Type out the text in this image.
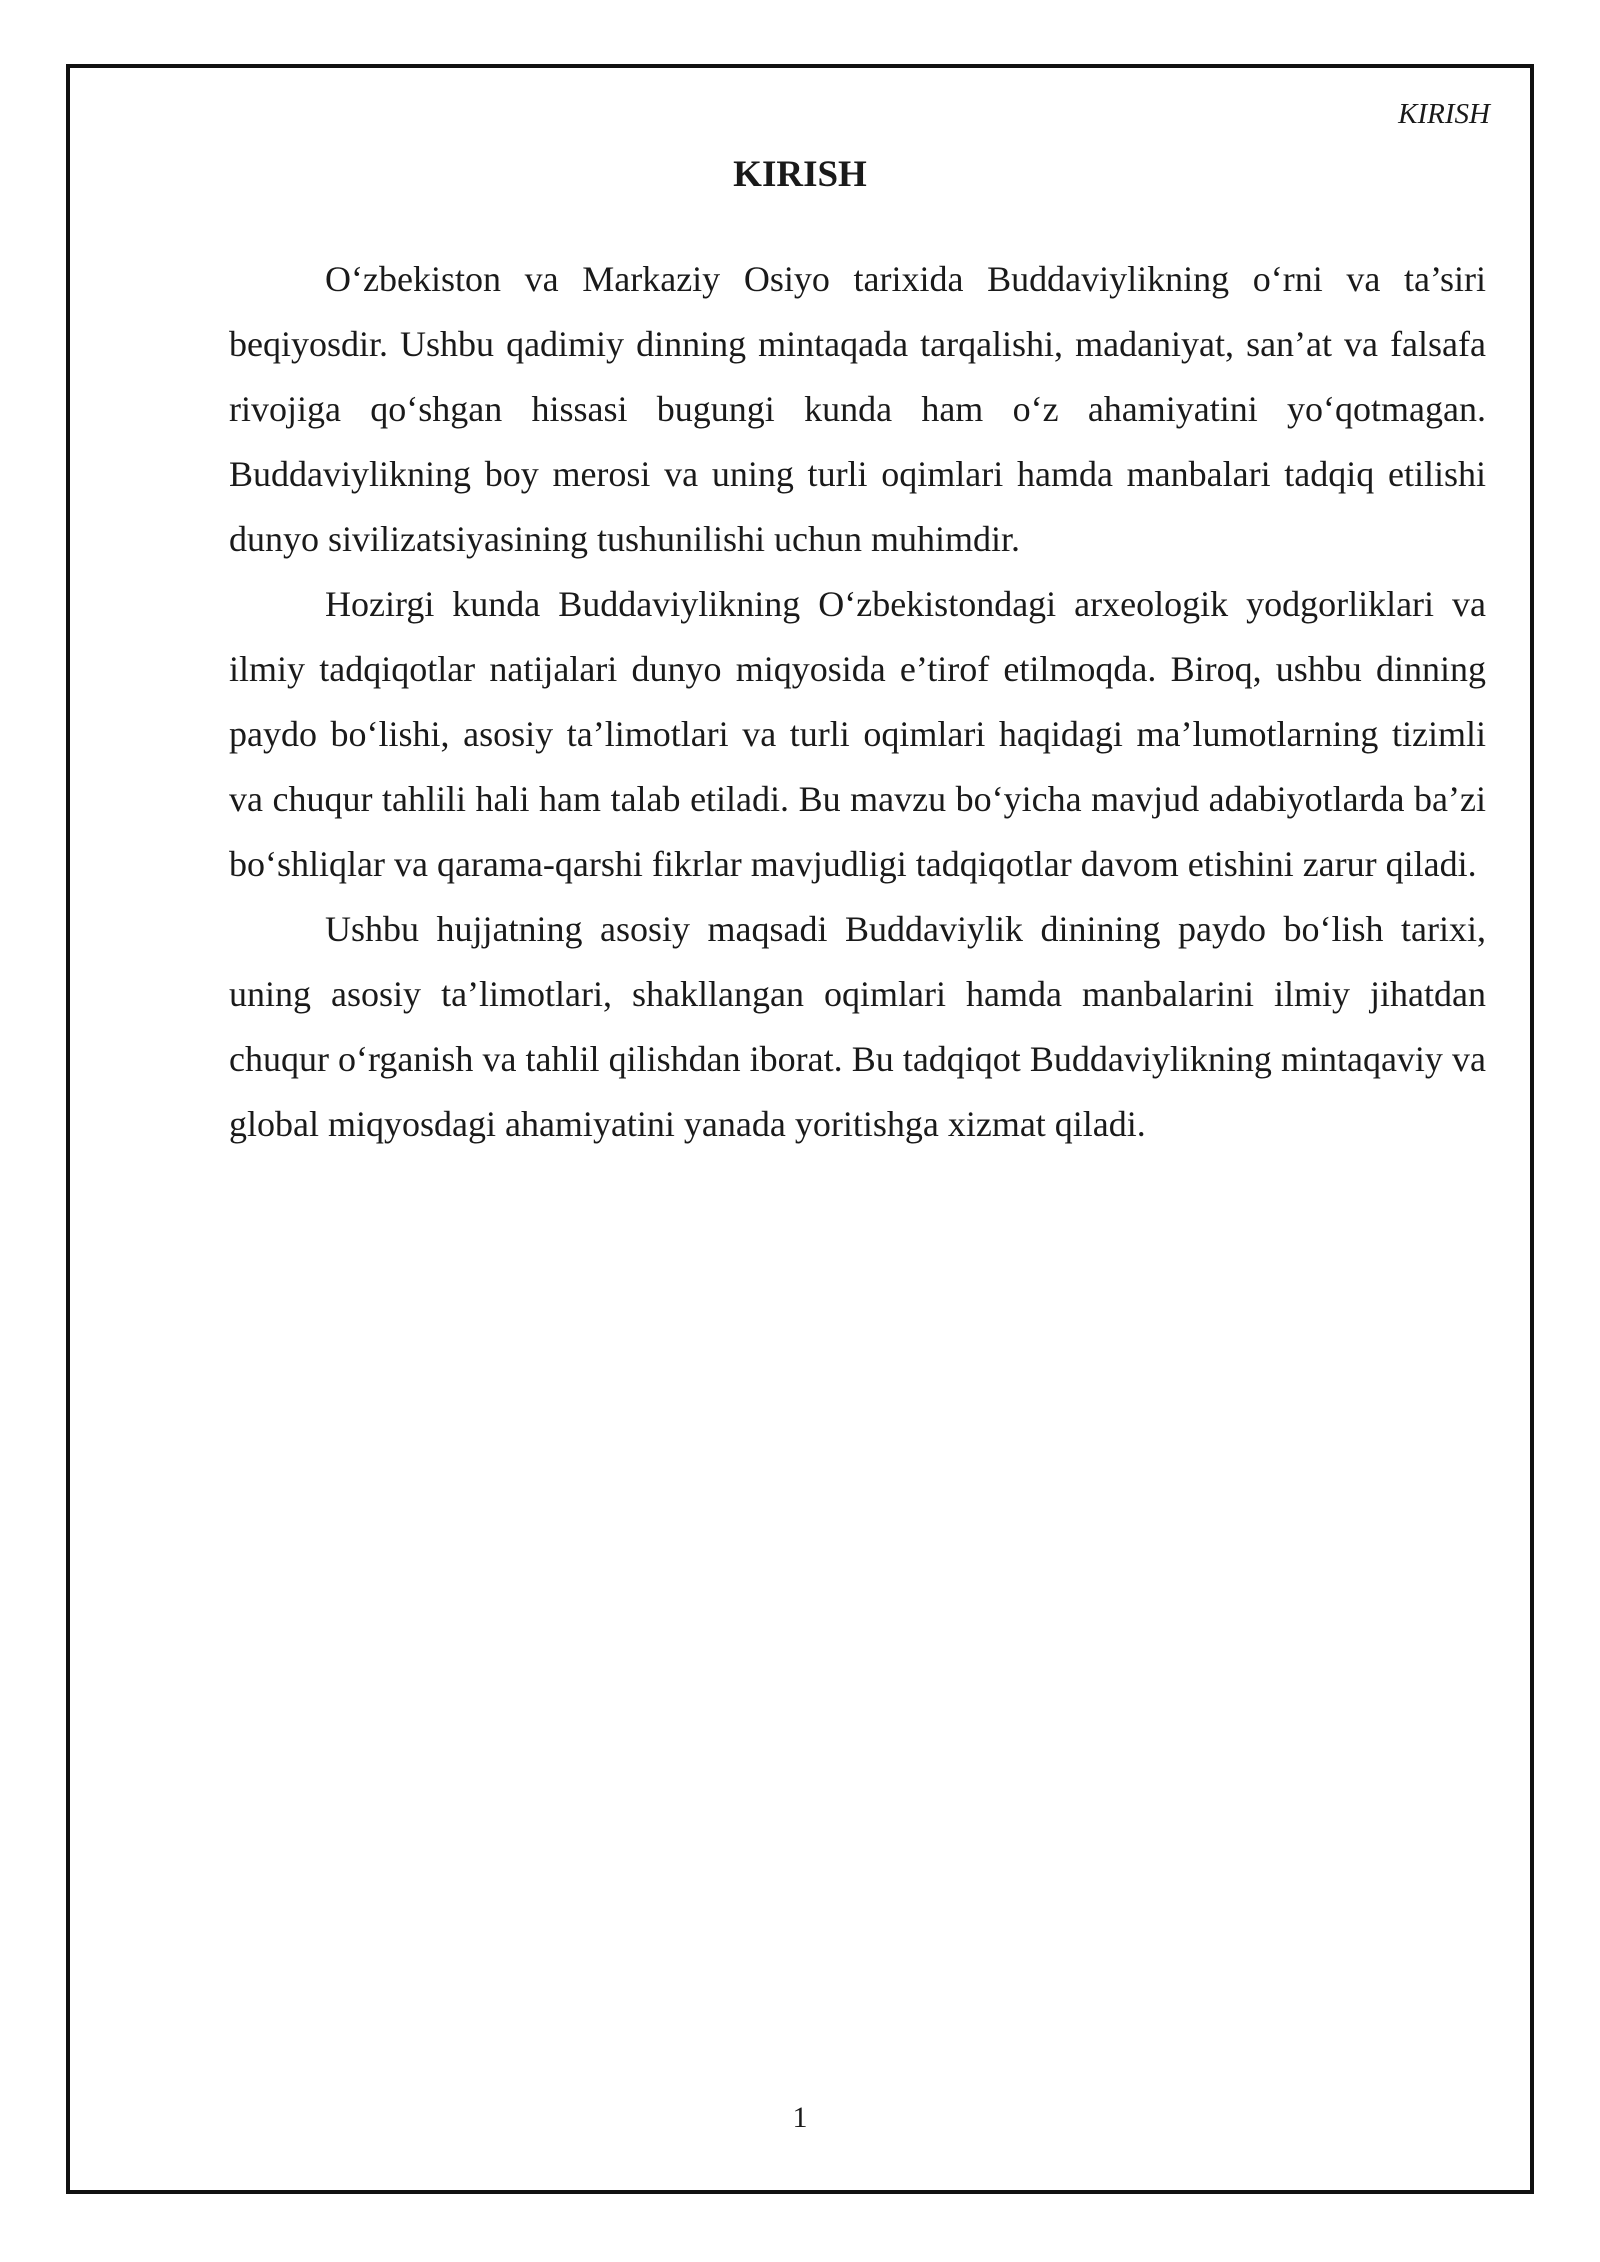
KIRISH
KIRISH

O‘zbekiston va Markaziy Osiyo tarixida Buddaviylikning o‘rni va ta’siri beqiyosdir. Ushbu qadimiy dinning mintaqada tarqalishi, madaniyat, san’at va falsafa rivojiga qo‘shgan hissasi bugungi kunda ham o‘z ahamiyatini yo‘qotmagan. Buddaviylikning boy merosi va uning turli oqimlari hamda manbalari tadqiq etilishi dunyo sivilizatsiyasining tushunilishi uchun muhimdir.

Hozirgi kunda Buddaviylikning O‘zbekistondagi arxeologik yodgorliklari va ilmiy tadqiqotlar natijalari dunyo miqyosida e’tirof etilmoqda. Biroq, ushbu dinning paydo bo‘lishi, asosiy ta’limotlari va turli oqimlari haqidagi ma’lumotlarning tizimli va chuqur tahlili hali ham talab etiladi. Bu mavzu bo‘yicha mavjud adabiyotlarda ba’zi bo‘shliqlar va qarama-qarshi fikrlar mavjudligi tadqiqotlar davom etishini zarur qiladi.

Ushbu hujjatning asosiy maqsadi Buddaviylik dinining paydo bo‘lish tarixi, uning asosiy ta’limotlari, shakllangan oqimlari hamda manbalarini ilmiy jihatdan chuqur o‘rganish va tahlil qilishdan iborat. Bu tadqiqot Buddaviylikning mintaqaviy va global miqyosdagi ahamiyatini yanada yoritishga xizmat qiladi.

1
